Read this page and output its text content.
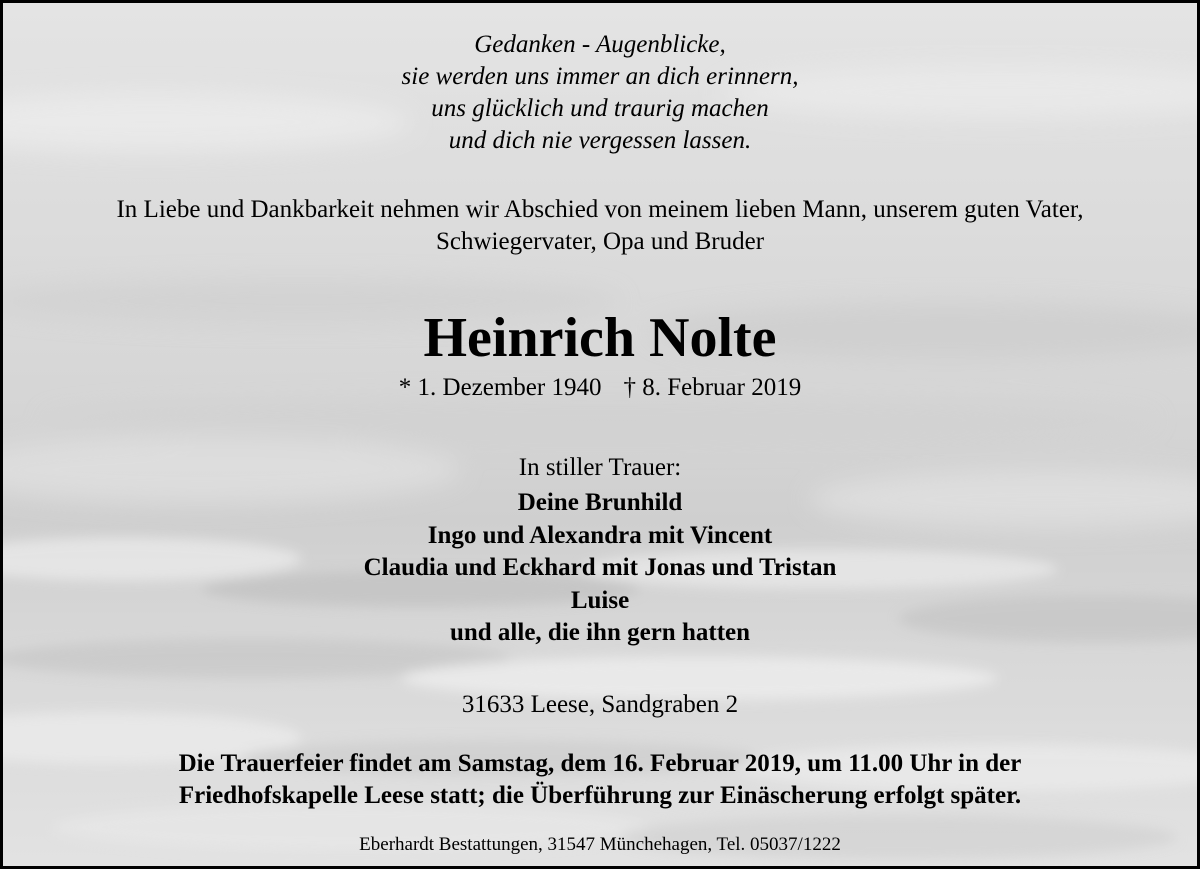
Gedanken - Augenblicke,
sie werden uns immer an dich erinnern,
uns glücklich und traurig machen
und dich nie vergessen lassen.
In Liebe und Dankbarkeit nehmen wir Abschied von meinem lieben Mann, unserem guten Vater,
Schwiegervater, Opa und Bruder
Heinrich Nolte
* 1. Dezember 1940 † 8. Februar 2019
In stiller Trauer:
Deine Brunhild
Ingo und Alexandra mit Vincent
Claudia und Eckhard mit Jonas und Tristan
Luise
und alle, die ihn gern hatten
31633 Leese, Sandgraben 2
Die Trauerfeier findet am Samstag, dem 16. Februar 2019, um 11.00 Uhr in der
Friedhofskapelle Leese statt; die Überführung zur Einäscherung erfolgt später.
Eberhardt Bestattungen, 31547 Münchehagen, Tel. 05037/1222
